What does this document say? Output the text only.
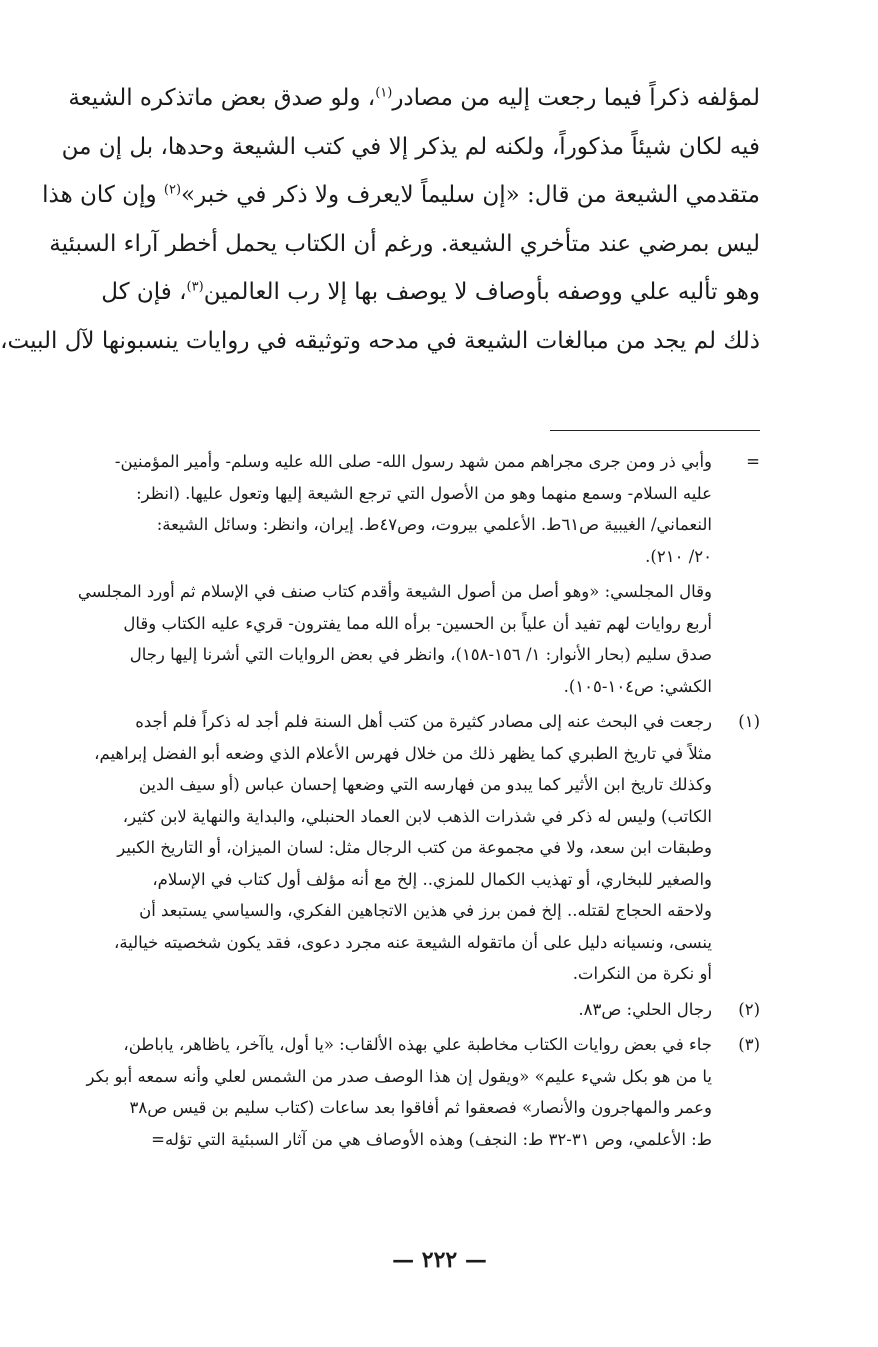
لمؤلفه ذكراً فيما رجعت إليه من مصادر$^{(١)}$، ولو صدق بعض ماتذكره الشيعة
فيه لكان شيئاً مذكوراً، ولكنه لم يذكر إلا في كتب الشيعة وحدها، بل إن من
متقدمي الشيعة من قال: «إن سليماً لايعرف ولا ذكر في خبر»$^{(٢)}$ وإن كان هذا
ليس بمرضي عند متأخري الشيعة. ورغم أن الكتاب يحمل أخطر آراء السبئية
وهو تأليه علي ووصفه بأوصاف لا يوصف بها إلا رب العالمين$^{(٣)}$، فإن كل
ذلك لم يجد من مبالغات الشيعة في مدحه وتوثيقه في روايات ينسبونها لآل البيت،

=
وأبي ذر ومن جرى مجراهم ممن شهد رسول الله- صلى الله عليه وسلم- وأمير المؤمنين-
عليه السلام- وسمع منهما وهو من الأصول التي ترجع الشيعة إليها وتعول عليها. (انظر:
النعماني/ الغيبية ص٦١ط. الأعلمي بيروت، وص٤٧ط. إيران، وانظر: وسائل الشيعة:
٢٠/ ٢١٠).
وقال المجلسي: «وهو أصل من أصول الشيعة وأقدم كتاب صنف في الإسلام ثم أورد المجلسي
أربع روايات لهم تفيد أن علياً بن الحسين- برأه الله مما يفترون- قريء عليه الكتاب وقال
صدق سليم (بحار الأنوار: ١/ ١٥٦-١٥٨)، وانظر في بعض الروايات التي أشرنا إليها رجال
الكشي: ص١٠٤-١٠٥).
(١)
رجعت في البحث عنه إلى مصادر كثيرة من كتب أهل السنة فلم أجد له ذكراً فلم أجده
مثلاً في تاريخ الطبري كما يظهر ذلك من خلال فهرس الأعلام الذي وضعه أبو الفضل إبراهيم،
وكذلك تاريخ ابن الأثير كما يبدو من فهارسه التي وضعها إحسان عباس (أو سيف الدين
الكاتب) وليس له ذكر في شذرات الذهب لابن العماد الحنبلي، والبداية والنهاية لابن كثير،
وطبقات ابن سعد، ولا في مجموعة من كتب الرجال مثل: لسان الميزان، أو التاريخ الكبير
والصغير للبخاري، أو تهذيب الكمال للمزي.. إلخ مع أنه مؤلف أول كتاب في الإسلام،
ولاحقه الحجاج لقتله.. إلخ فمن برز في هذين الاتجاهين الفكري، والسياسي يستبعد أن
ينسى، ونسيانه دليل على أن ماتقوله الشيعة عنه مجرد دعوى، فقد يكون شخصيته خيالية،
أو نكرة من النكرات.
(٢)
رجال الحلي: ص٨٣.
(٣)
جاء في بعض روايات الكتاب مخاطبة علي بهذه الألقاب: «يا أول، ياآخر، ياظاهر، ياباطن،
يا من هو بكل شيء عليم» «ويقول إن هذا الوصف صدر من الشمس لعلي وأنه سمعه أبو بكر
وعمر والمهاجرون والأنصار» فصعقوا ثم أفاقوا بعد ساعات (كتاب سليم بن قيس ص٣٨
ط: الأعلمي، وص ٣١-٣٢ ط: النجف) وهذه الأوصاف هي من آثار السبئية التي تؤله=
— ٢٢٢ —
